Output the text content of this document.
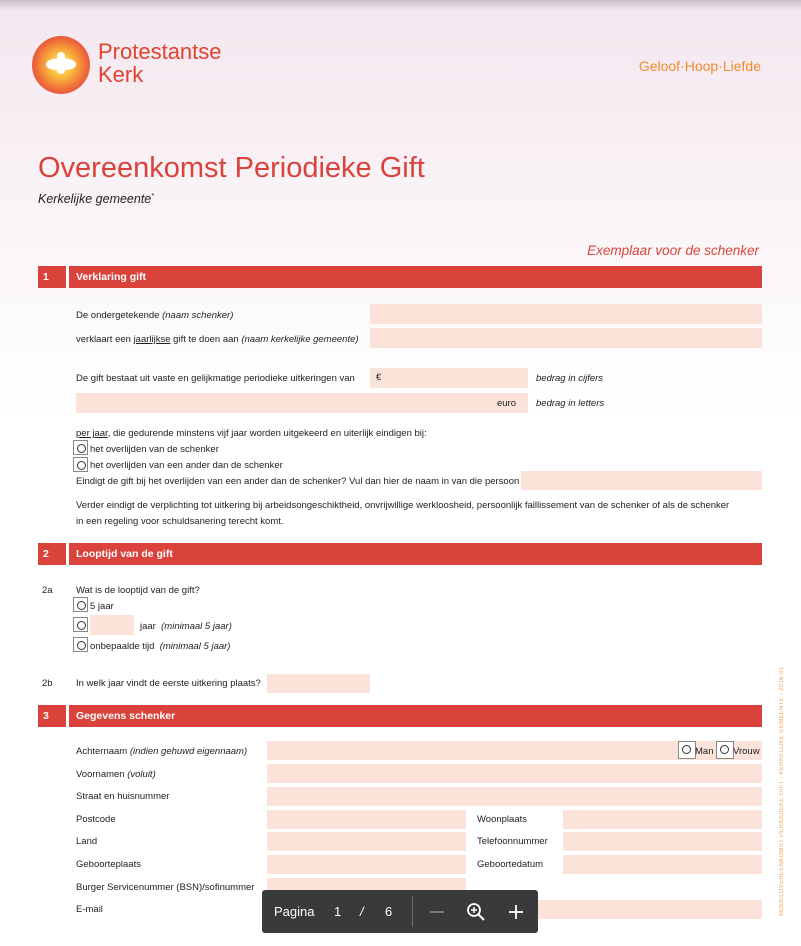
Protestantse
Kerk	Geloof·Hoop·Liefde
Overeenkomst Periodieke Gift
Kerkelijke gemeente*
Exemplaar voor de schenker
1	Verklaring gift
De ondergetekende (naam schenker)
verklaart een jaarlijkse gift te doen aan (naam kerkelijke gemeente)
De gift bestaat uit vaste en gelijkmatige periodieke uitkeringen van €	bedrag in cijfers
euro bedrag in letters
per jaar, die gedurende minstens vijf jaar worden uitgekeerd en uiterlijk eindigen bij:
het overlijden van de schenker
het overlijden van een ander dan de schenker
Eindigt de gift bij het overlijden van een ander dan de schenker? Vul dan hier de naam in van die persoon
Verder eindigt de verplichting tot uitkering bij arbeidsongeschiktheid, onvrijwillige werkloosheid, persoonlijk faillissement van de schenker of als de schenker
in een regeling voor schuldsanering terecht komt.
2	Looptijd van de gift
2a Wat is de looptijd van de gift?
5 jaar
jaar (minimaal 5 jaar)
onbepaalde tijd (minimaal 5 jaar)
2b In welk jaar vindt de eerste uitkering plaats?
3	Gegevens schenker
Achternaam (indien gehuwd eigennaam)	Man Vrouw
Voornamen (voluit)
Straat en huisnummer
Postcode	Woonplaats
Land	Telefoonnummer
Geboorteplaats	Geboortedatum
Burger Servicenummer (BSN)/sofinummer
E-mail	MODELOVEREENKOMST PERIODIEKE GIFT - KERKELIJKE GEMEENTE - 2016-01
Pagina 1 / 6
